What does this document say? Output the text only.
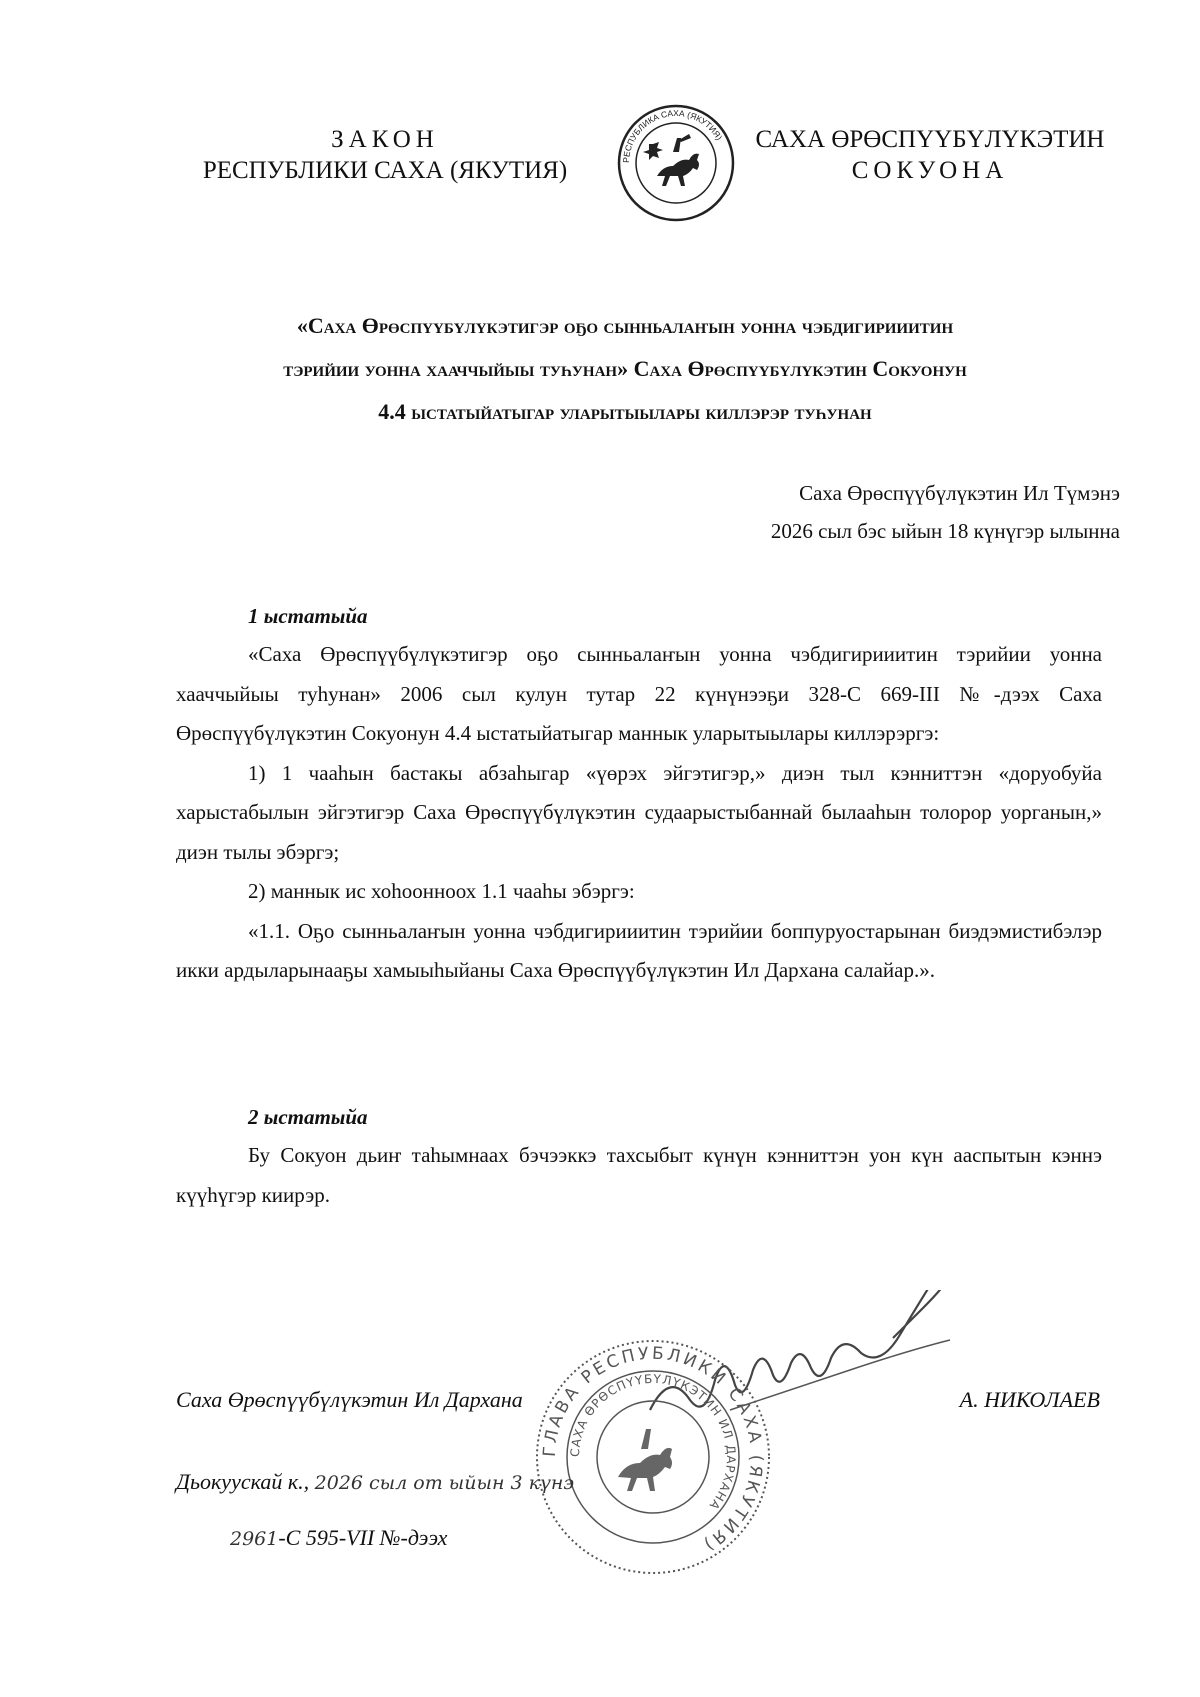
ЗАКОН
РЕСПУБЛИКИ САХА (ЯКУТИЯ)	РЕСПУБЛИКА САХА (ЯКУТИЯ) САХА ӨРӨСПҮҮБҮЛҮКЭТИН
СОКУОНА
«Саха Өрөспүүбүлүкэтигэр оҕо сынньалаҥын уонна чэбдигирииитин
тэрийии уонна хааччыйыы туһунан» Саха Өрөспүүбүлүкэтин Сокуонун
4.4 ыстатыйатыгар уларытыылары киллэрэр туһунан
Саха Өрөспүүбүлүкэтин Ил Түмэнэ
2026 сыл бэс ыйын 18 күнүгэр ылынна
1 ыстатыйа

«Саха Өрөспүүбүлүкэтигэр оҕо сынньалаҥын уонна чэбдигирииитин тэрийии уонна хааччыйыы туһунан» 2006 сыл кулун тутар 22 күнүнээҕи 328-С 669-III №-дээх Саха Өрөспүүбүлүкэтин Сокуонун 4.4 ыстатыйатыгар маннык уларытыылары киллэрэргэ:

1) 1 чааһын бастакы абзаһыгар «үөрэх эйгэтигэр,» диэн тыл кэнниттэн «доруобуйа харыстабылын эйгэтигэр Саха Өрөспүүбүлүкэтин судаарыстыбаннай былааһын толорор уорганын,» диэн тылы эбэргэ;

2) маннык ис хоһоонноох 1.1 чааһы эбэргэ:

«1.1. Оҕо сынньалаҥын уонна чэбдигирииитин тэрийии боппуруостарынан биэдэмистибэлэр икки ардыларынааҕы хамыыһыйаны Саха Өрөспүүбүлүкэтин Ил Дархана салайар.».

2 ыстатыйа

Бу Сокуон дьиҥ таһымнаах бэчээккэ тахсыбыт күнүн кэнниттэн уон күн ааспытын кэннэ күүһүгэр киирэр.

Саха Өрөспүүбүлүкэтин Ил Дархана	А. НИКОЛАЕВ
ГЛАВА РЕСПУБЛИКИ САХА (ЯКУТИЯ)
САХА ӨРӨСПҮҮБҮЛҮКЭТИН ИЛ ДАРХАНА
Дьокуускай к., 2026 сыл от ыйын 3 күнэ
2961-С 595-VII №-дээх
